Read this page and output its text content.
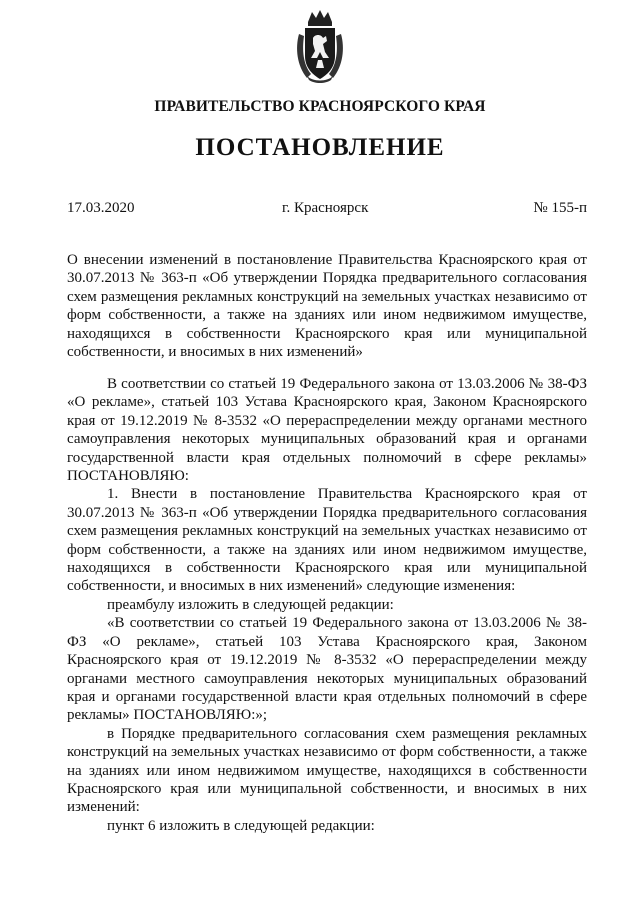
ПРАВИТЕЛЬСТВО КРАСНОЯРСКОГО КРАЯ
ПОСТАНОВЛЕНИЕ
17.03.2020	г. Красноярск	№ 155-п

О внесении изменений в постановление Правительства Красноярского края от 30.07.2013 № 363-п «Об утверждении Порядка предварительного согласования схем размещения рекламных конструкций на земельных участках независимо от форм собственности, а также на зданиях или ином недвижимом имуществе, находящихся в собственности Красноярского края или муниципальной собственности, и вносимых в них изменений»

В соответствии со статьей 19 Федерального закона от 13.03.2006 № 38-ФЗ «О рекламе», статьей 103 Устава Красноярского края, Законом Красноярского края от 19.12.2019 № 8-3532 «О перераспределении между органами местного самоуправления некоторых муниципальных образований края и органами государственной власти края отдельных полномочий в сфере рекламы» ПОСТАНОВЛЯЮ:

1. Внести в постановление Правительства Красноярского края от 30.07.2013 № 363-п «Об утверждении Порядка предварительного согласования схем размещения рекламных конструкций на земельных участках независимо от форм собственности, а также на зданиях или ином недвижимом имуществе, находящихся в собственности Красноярского края или муниципальной собственности, и вносимых в них изменений» следующие изменения:

преамбулу изложить в следующей редакции:

«В соответствии со статьей 19 Федерального закона от 13.03.2006 № 38-ФЗ «О рекламе», статьей 103 Устава Красноярского края, Законом Красноярского края от 19.12.2019 № 8-3532 «О перераспределении между органами местного самоуправления некоторых муниципальных образований края и органами государственной власти края отдельных полномочий в сфере рекламы» ПОСТАНОВЛЯЮ:»;

в Порядке предварительного согласования схем размещения рекламных конструкций на земельных участках независимо от форм собственности, а также на зданиях или ином недвижимом имуществе, находящихся в собственности Красноярского края или муниципальной собственности, и вносимых в них изменений:

пункт 6 изложить в следующей редакции:
